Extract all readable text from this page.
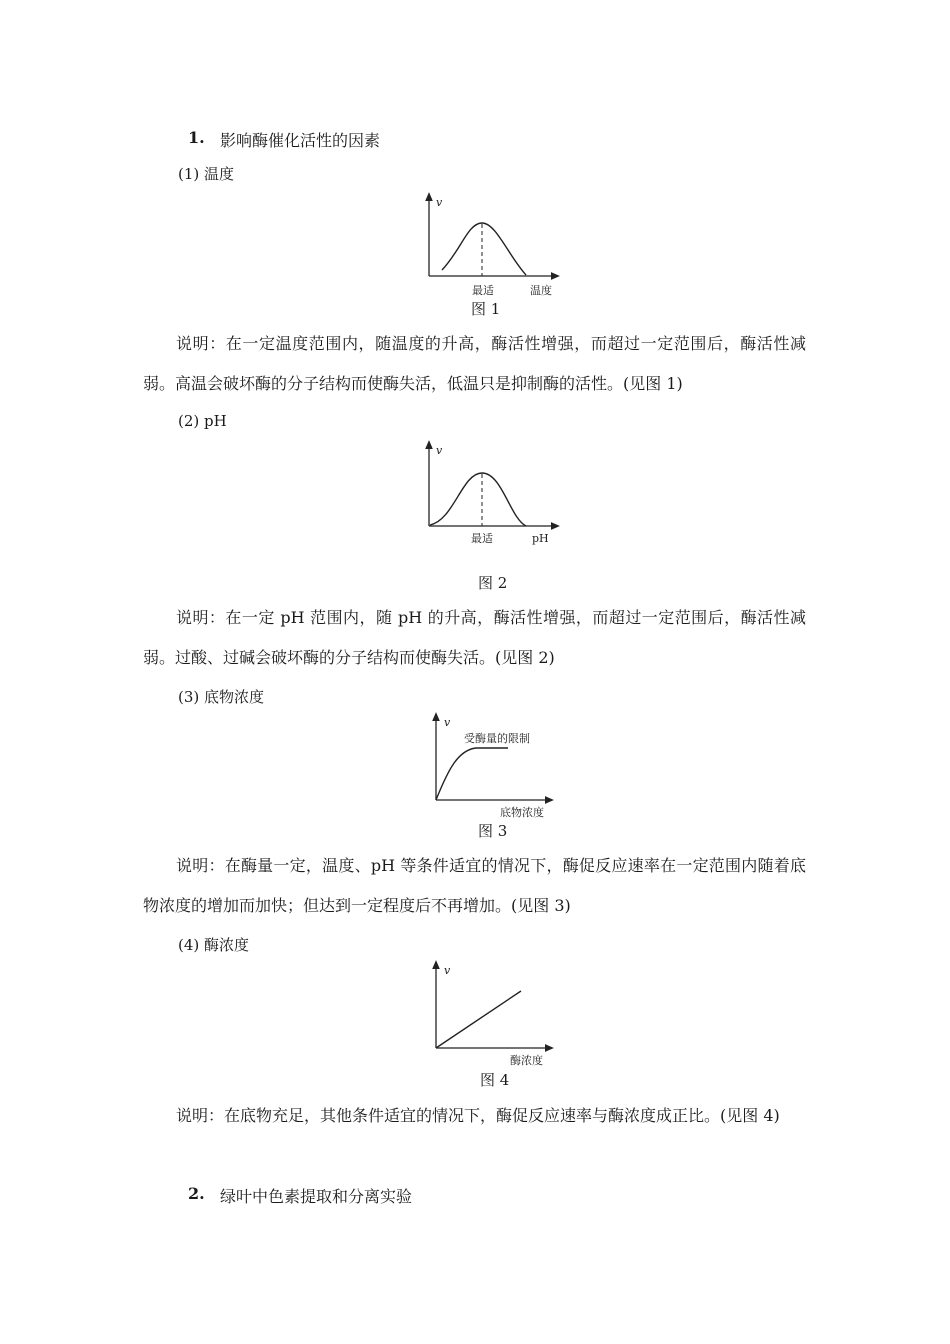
1. 影响酶催化活性的因素
(1) 温度
v
最适	温度
图 1
说明：在一定温度范围内，随温度的升高，酶活性增强，而超过一定范围后，酶活性减弱。高温会破坏酶的分子结构而使酶失活，低温只是抑制酶的活性。(见图 1)
(2) pH
v
最适	pH
图 2
说明：在一定 pH 范围内，随 pH 的升高，酶活性增强，而超过一定范围后，酶活性减弱。过酸、过碱会破坏酶的分子结构而使酶失活。(见图 2)
(3) 底物浓度
v
受酶量的限制
底物浓度
图 3
说明：在酶量一定，温度、pH 等条件适宜的情况下，酶促反应速率在一定范围内随着底物浓度的增加而加快；但达到一定程度后不再增加。(见图 3)
(4) 酶浓度
v
酶浓度
图 4
说明：在底物充足，其他条件适宜的情况下，酶促反应速率与酶浓度成正比。(见图 4)
2. 绿叶中色素提取和分离实验
